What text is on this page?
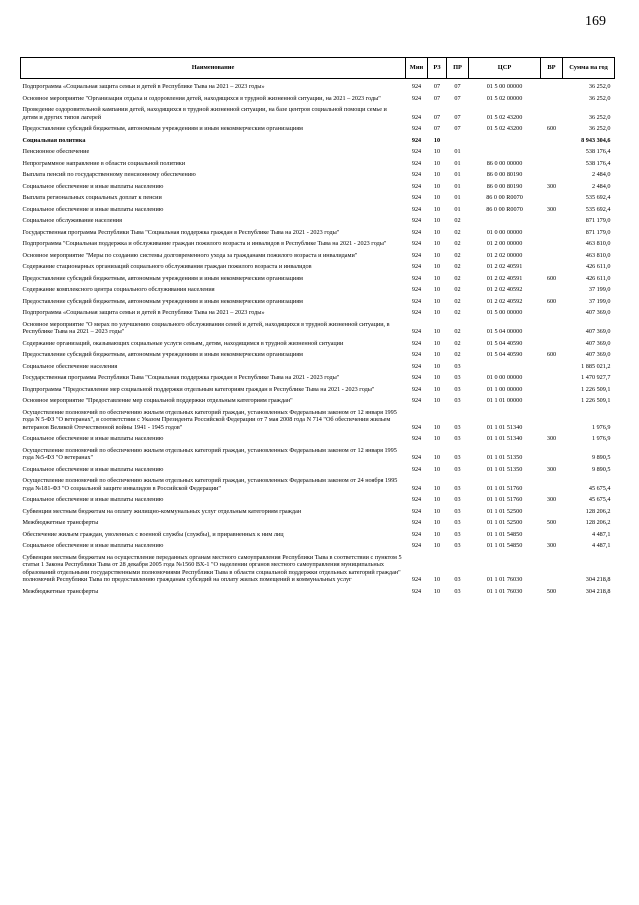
169
Наименование	Мин	РЗ	ПР	ЦСР	ВР	Сумма на год

Подпрограмма «Социальная защита семьи и детей в Республике Тыва на 2021 – 2023 годы»	924	07	07	01 5 00 00000		36 252,0

Основное мероприятие "Организация отдыха и оздоровления детей, находящихся в трудной жизненной ситуации, на 2021 – 2023 годы"	924	07	07	01 5 02 00000		36 252,0

Проведение оздоровительной кампании детей, находящихся в трудной жизненной ситуации, на базе центров социальной помощи семье и детям и других типов лагерей	924	07	07	01 5 02 43200		36 252,0

Предоставление субсидий бюджетным, автономным учреждениям и иным некоммерческим организациям	924	07	07	01 5 02 43200	600	36 252,0

Социальная политика	924	10				8 943 304,6

Пенсионное обеспечение	924	10	01			538 176,4

Непрограммное направление в области социальной политики	924	10	01	86 0 00 00000		538 176,4

Выплата пенсий по государственному пенсионному обеспечению	924	10	01	86 0 00 80190		2 484,0

Социальное обеспечение и иные выплаты населению	924	10	01	86 0 00 80190	300	2 484,0

Выплата региональных социальных доплат к пенсии	924	10	01	86 0 00 R0070		535 692,4

Социальное обеспечение и иные выплаты населению	924	10	01	86 0 00 R0070	300	535 692,4

Социальное обслуживание населения	924	10	02			871 179,0

Государственная программа Республики Тыва "Социальная поддержка граждан в Республике Тыва на 2021 - 2023 годы"	924	10	02	01 0 00 00000		871 179,0

Подпрограмма "Социальная поддержка и обслуживание граждан пожилого возраста и инвалидов в Республике Тыва на 2021 - 2023 годы"	924	10	02	01 2 00 00000		463 810,0

Основное мероприятие "Меры по созданию системы долговременного ухода за гражданами пожилого возраста и инвалидами"	924	10	02	01 2 02 00000		463 810,0

Содержание стационарных организаций социального обслуживания граждан пожилого возраста и инвалидов	924	10	02	01 2 02 40591		426 611,0

Предоставление субсидий бюджетным, автономным учреждениям и иным некоммерческим организациям	924	10	02	01 2 02 40591	600	426 611,0

Содержание комплексного центра социального обслуживания населения	924	10	02	01 2 02 40592		37 199,0

Предоставление субсидий бюджетным, автономным учреждениям и иным некоммерческим организациям	924	10	02	01 2 02 40592	600	37 199,0

Подпрограмма «Социальная защита семьи и детей в Республике Тыва на 2021 – 2023 годы»	924	10	02	01 5 00 00000		407 369,0

Основное мероприятие "О мерах по улучшению социального обслуживания семей и детей, находящихся в трудной жизненной ситуации, в Республике Тыва на 2021 – 2023 годы"	924	10	02	01 5 04 00000		407 369,0

Содержание организаций, оказывающих социальные услуги семьям, детям, находящимся в трудной жизненной ситуации	924	10	02	01 5 04 40590		407 369,0

Предоставление субсидий бюджетным, автономным учреждениям и иным некоммерческим организациям	924	10	02	01 5 04 40590	600	407 369,0

Социальное обеспечение населения	924	10	03			1 885 021,2

Государственная программа Республики Тыва "Социальная поддержка граждан в Республике Тыва на 2021 - 2023 годы"	924	10	03	01 0 00 00000		1 470 927,7

Подпрограмма "Предоставление мер социальной поддержки отдельным категориям граждан в Республике Тыва на 2021 - 2023 годы"	924	10	03	01 1 00 00000		1 226 509,1

Основное мероприятие "Предоставление мер социальной поддержки отдельным категориям граждан"	924	10	03	01 1 01 00000		1 226 509,1

Осуществление полномочий по обеспечению жильем отдельных категорий граждан, установленных Федеральным законом от 12 января 1995 года N 5-ФЗ "О ветеранах", в соответствии с Указом Президента Российской Федерации от 7 мая 2008 года N 714 "Об обеспечении жильем ветеранов Великой Отечественной войны 1941 - 1945 годов"	924	10	03	01 1 01 51340		1 976,9

Социальное обеспечение и иные выплаты населению	924	10	03	01 1 01 51340	300	1 976,9

Осуществление полномочий по обеспечению жильем отдельных категорий граждан, установленных Федеральным законом от 12 января 1995 года №5-ФЗ "О ветеранах"	924	10	03	01 1 01 51350		9 890,5

Социальное обеспечение и иные выплаты населению	924	10	03	01 1 01 51350	300	9 890,5

Осуществление полномочий по обеспечению жильем отдельных категорий граждан, установленных Федеральным законом от 24 ноября 1995 года №181-ФЗ "О социальной защите инвалидов в Российской Федерации"	924	10	03	01 1 01 51760		45 675,4

Социальное обеспечение и иные выплаты населению	924	10	03	01 1 01 51760	300	45 675,4

Субвенции местным бюджетам на оплату жилищно-коммунальных услуг отдельным категориям граждан	924	10	03	01 1 01 52500		128 206,2

Межбюджетные трансферты	924	10	03	01 1 01 52500	500	128 206,2

Обеспечение жильем граждан, уволенных с военной службы (службы), и приравненных к ним лиц	924	10	03	01 1 01 54850		4 487,1

Социальное обеспечение и иные выплаты населению	924	10	03	01 1 01 54850	300	4 487,1

Субвенции местным бюджетам на осуществление переданных органам местного самоуправления Республики Тыва в соответствии с пунктом 5 статьи 1 Закона Республики Тыва от 28 декабря 2005 года №1560 ВХ-1 "О наделении органов местного самоуправления муниципальных образований отдельными государственными полномочиями Республики Тыва в области социальной поддержки отдельных категорий граждан" полномочий Республики Тыва по предоставлению гражданам субсидий на оплату жилых помещений и коммунальных услуг	924	10	03	01 1 01 76030		304 218,8

Межбюджетные трансферты	924	10	03	01 1 01 76030	500	304 218,8
